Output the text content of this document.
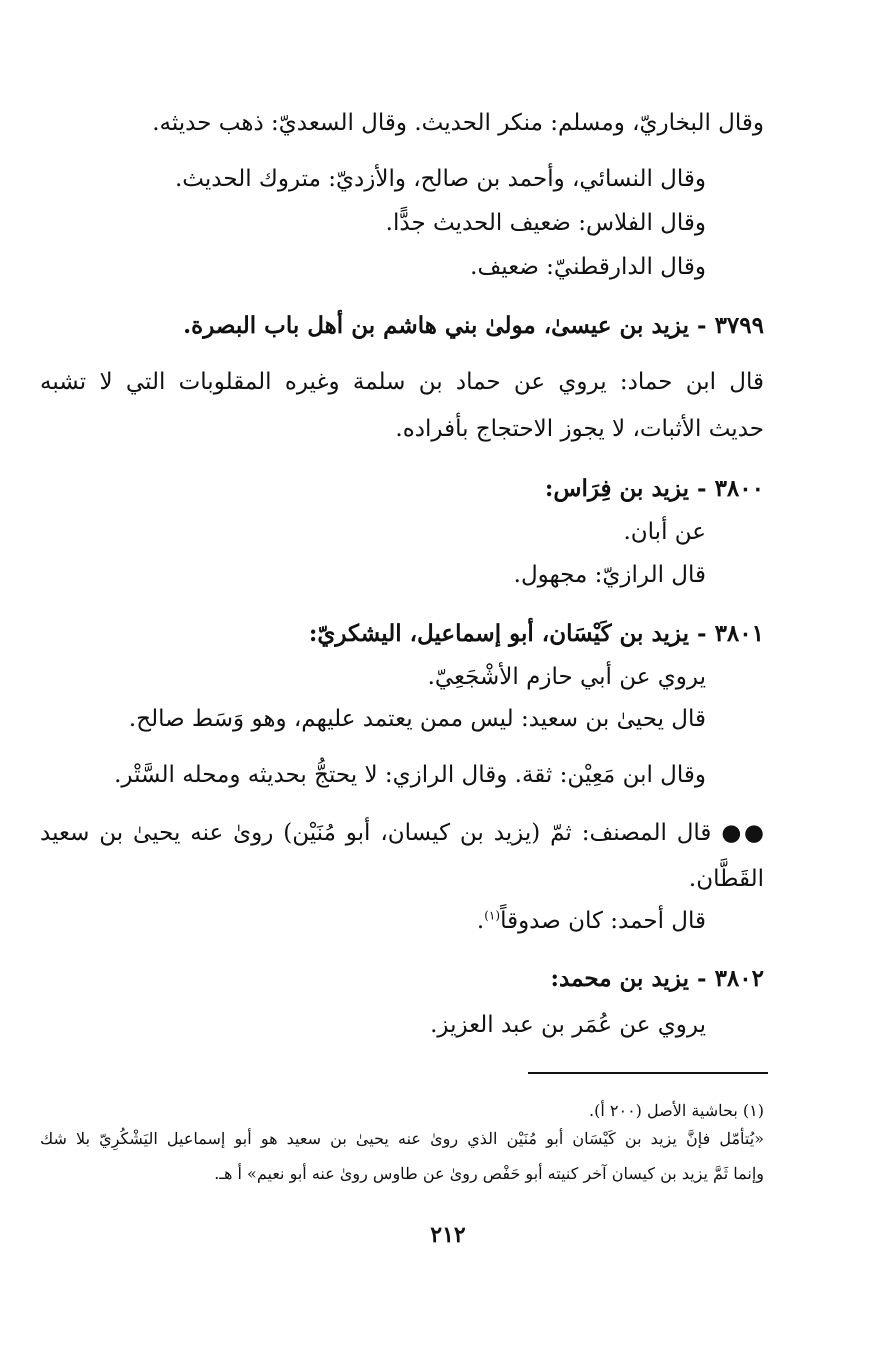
وقال البخاريّ، ومسلم: منكر الحديث. وقال السعديّ: ذهب حديثه.
وقال النسائي، وأحمد بن صالح، والأزديّ: متروك الحديث.
وقال الفلاس: ضعيف الحديث جدًّا.
وقال الدارقطنيّ: ضعيف.
٣٧٩٩ - يزيد بن عيسىٰ، مولىٰ بني هاشم بن أهل باب البصرة.
قال ابن حماد: يروي عن حماد بن سلمة وغيره المقلوبات التي لا تشبه
حديث الأثبات، لا يجوز الاحتجاج بأفراده.
٣٨٠٠ - يزيد بن فِرَاس:
عن أبان.
قال الرازيّ: مجهول.
٣٨٠١ - يزيد بن كَيْسَان، أبو إسماعيل، اليشكريّ:
يروي عن أبي حازم الأشْجَعِيّ.
قال يحيىٰ بن سعيد: ليس ممن يعتمد عليهم، وهو وَسَط صالح.
وقال ابن مَعِيْن: ثقة. وقال الرازي: لا يحتجُّ بحديثه ومحله السَّتْر.
●● قال المصنف: ثمّ (يزيد بن كيسان، أبو مُنَيْن) روىٰ عنه يحيىٰ بن سعيد
القَطَّان.
قال أحمد: كان صدوقاً$^{(١)}$.
٣٨٠٢ - يزيد بن محمد:
يروي عن عُمَر بن عبد العزيز.
(١) بحاشية الأصل (٢٠٠ أ).
«يُتأمّل فإنَّ يزيد بن كَيْسَان أبو مُنَيْن الذي روىٰ عنه يحيىٰ بن سعيد هو أبو إسماعيل اليَشْكُرِيّ بلا شك
وإنما ثَمَّ يزيد بن كيسان آخر كنيته أبو حَفْص روىٰ عن طاوس روىٰ عنه أبو نعيم» أ هـ.
٢١٢
